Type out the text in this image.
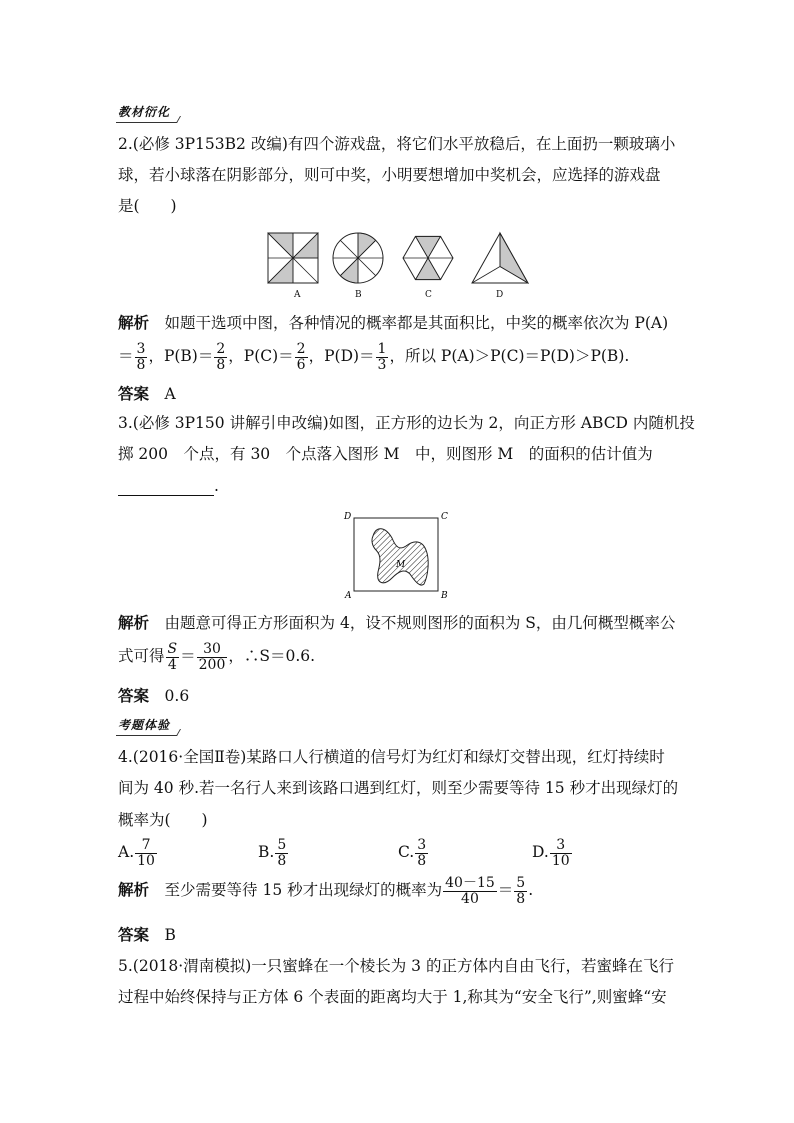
教材衍化
2.(必修 3P153B2 改编)有四个游戏盘，将它们水平放稳后，在上面扔一颗玻璃小
球，若小球落在阴影部分，则可中奖，小明要想增加中奖机会，应选择的游戏盘
是(　　)
A	B	C	D
解析　 如题干选项中图，各种情况的概率都是其面积比，中奖的概率依次为 P(A)
＝ $\frac{3}{8}$ ，$P(B)= \frac{2}{8}$ ，$P(C)= \frac{2}{6}$ ，$P(D)= \frac{1}{3}$ ，所以 P(A)＞P(C)＝P(D)＞P(B).
答案　 A
3.(必修 3P150 讲解引申改编)如图，正方形的边长为 2，向正方形 ABCD 内随机投
掷 200　个点，有 30　个点落入图形 M　中，则图形 M　的面积的估计值为
.
D	C
A	B
M
解析　 由题意可得正方形面积为 4，设不规则图形的面积为 S，由几何概型概率公
式可得 $\frac{S}{4} = \frac{30}{200}$ ，∴S＝0.6.
答案　 0.6
考题体验
4.(2016·全国Ⅱ卷)某路口人行横道的信号灯为红灯和绿灯交替出现，红灯持续时
间为 40 秒.若一名行人来到该路口遇到红灯，则至少需要等待 15 秒才出现绿灯的
概率为(　　)
A. $\frac{7}{10}$	B. $\frac{5}{8}$	C. $\frac{3}{8}$	D. $\frac{3}{10}$
解析　 至少需要等待 15 秒才出现绿灯的概率为 $\frac{40-15}{40} = \frac{5}{8}$ .
答案　 B
5.(2018·渭南模拟)一只蜜蜂在一个棱长为 3 的正方体内自由飞行，若蜜蜂在飞行
过程中始终保持与正方体 6 个表面的距离均大于 1,称其为“安全飞行”,则蜜蜂“安
